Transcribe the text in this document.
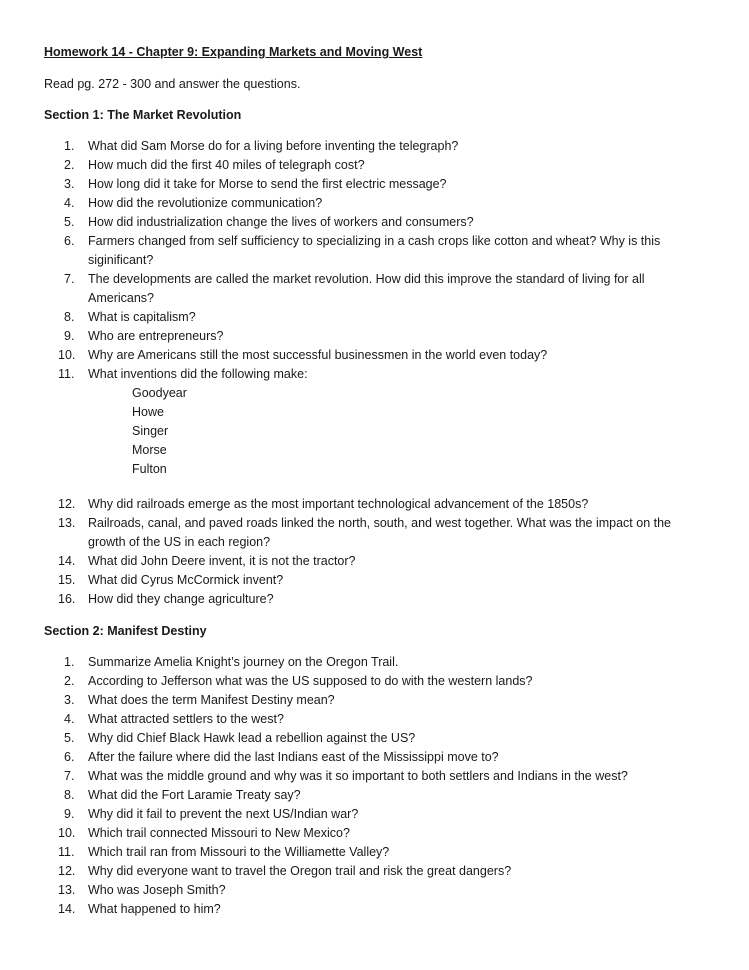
Homework 14 - Chapter 9: Expanding Markets and Moving West
Read pg. 272 - 300 and answer the questions.
Section 1: The Market Revolution
1.	What did Sam Morse do for a living before inventing the telegraph?
2.	How much did the first 40 miles of telegraph cost?
3.	How long did it take for Morse to send the first electric message?
4.	How did the revolutionize communication?
5.	How did industrialization change the lives of workers and consumers?
6.	Farmers changed from self sufficiency to specializing in a cash crops like cotton and wheat? Why is this siginificant?
7.	The developments are called the market revolution. How did this improve the standard of living for all Americans?
8.	What is capitalism?
9.	Who are entrepreneurs?
10.	Why are Americans still the most successful businessmen in the world even today?
11.	What inventions did the following make:
Goodyear
Howe
Singer
Morse
Fulton
12.	Why did railroads emerge as the most important technological advancement of the 1850s?
13.	Railroads, canal, and paved roads linked the north, south, and west together. What was the impact on the growth of the US in each region?
14.	What did John Deere invent, it is not the tractor?
15.	What did Cyrus McCormick invent?
16.	How did they change agriculture?
Section 2: Manifest Destiny
1.	Summarize Amelia Knight’s journey on the Oregon Trail.
2.	According to Jefferson what was the US supposed to do with the western lands?
3.	What does the term Manifest Destiny mean?
4.	What attracted settlers to the west?
5.	Why did Chief Black Hawk lead a rebellion against the US?
6.	After the failure where did the last Indians east of the Mississippi move to?
7.	What was the middle ground and why was it so important to both settlers and Indians in the west?
8.	What did the Fort Laramie Treaty say?
9.	Why did it fail to prevent the next US/Indian war?
10.	Which trail connected Missouri to New Mexico?
11.	Which trail ran from Missouri to the Williamette Valley?
12.	Why did everyone want to travel the Oregon trail and risk the great dangers?
13.	Who was Joseph Smith?
14.	What happened to him?
